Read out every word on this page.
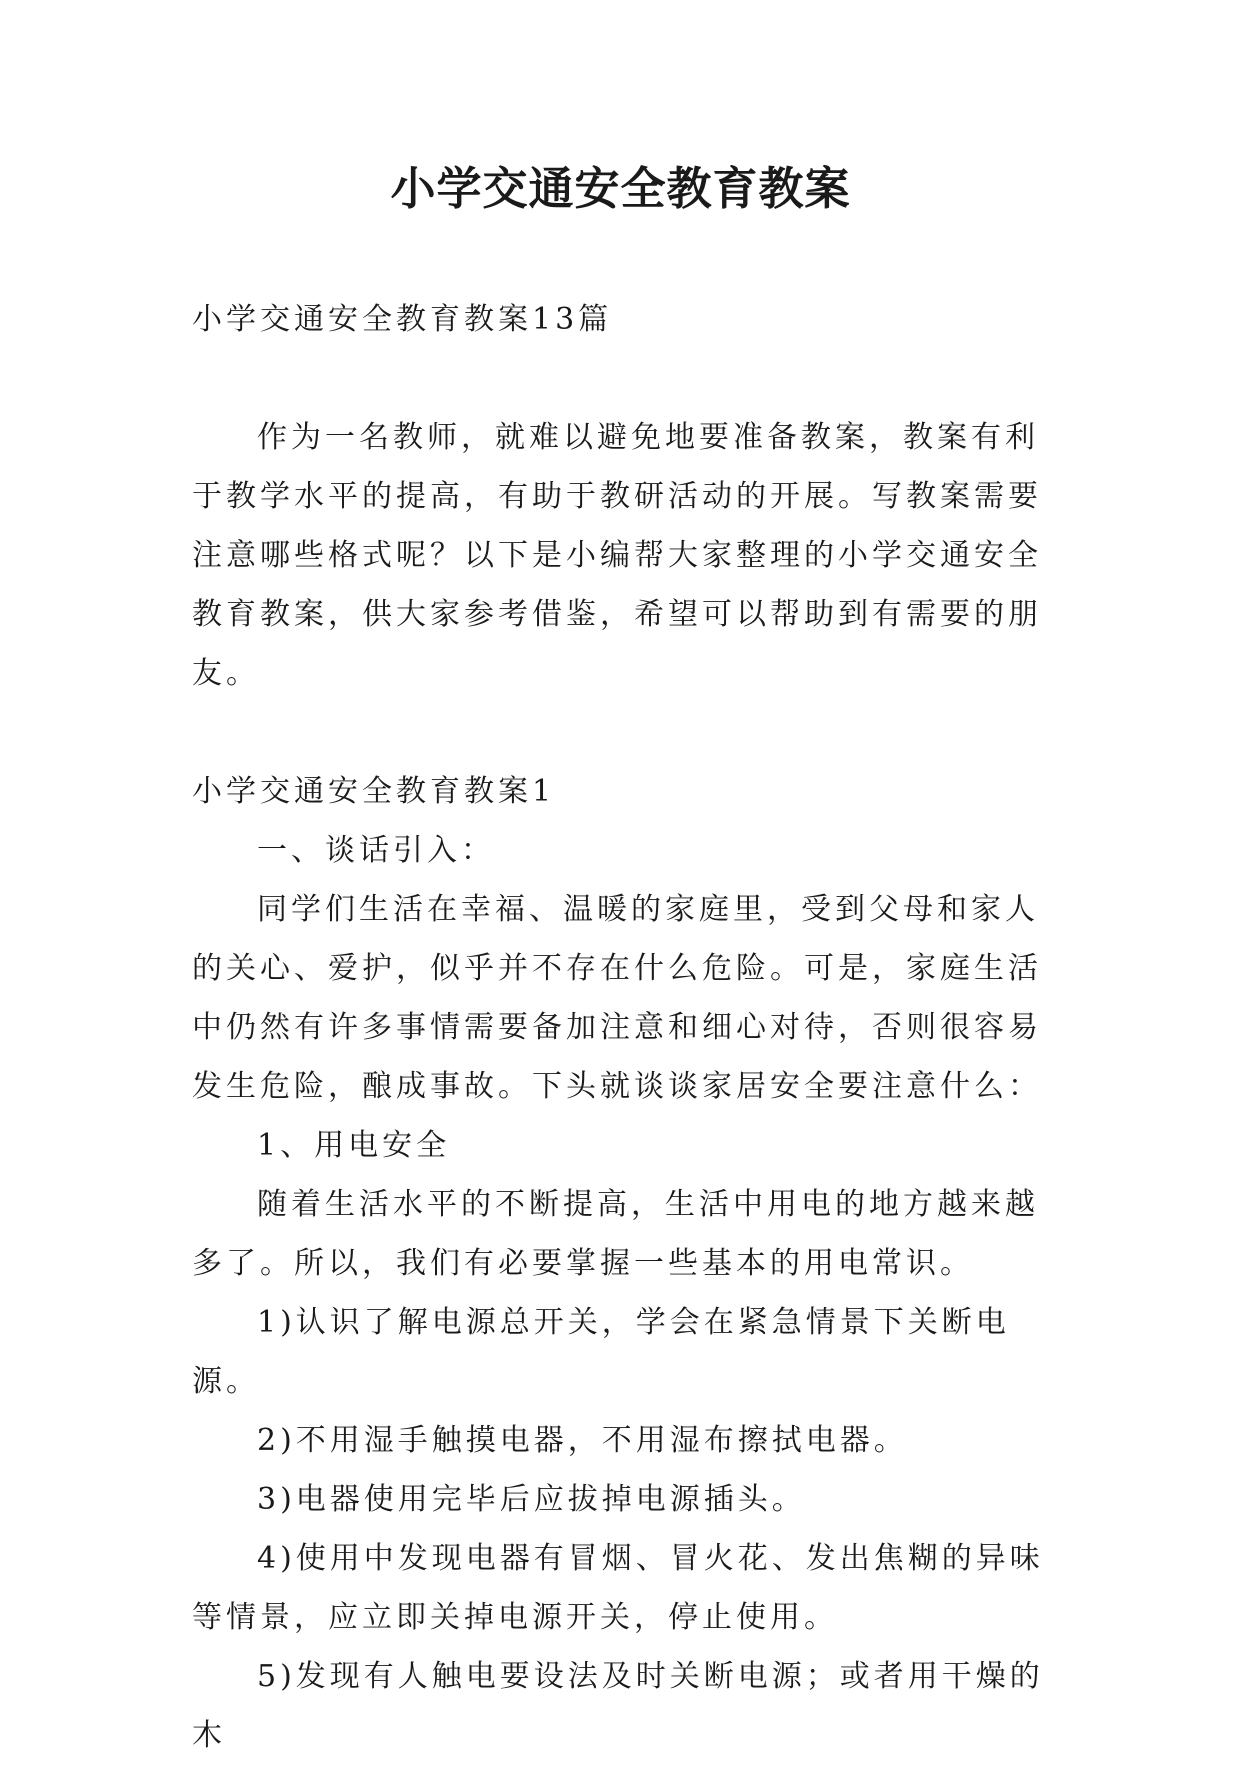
小学交通安全教育教案

小学交通安全教育教案13篇

作为一名教师，就难以避免地要准备教案，教案有利于教学水平的提高，有助于教研活动的开展。写教案需要注意哪些格式呢？以下是小编帮大家整理的小学交通安全教育教案，供大家参考借鉴，希望可以帮助到有需要的朋友。

小学交通安全教育教案1

一、谈话引入：

同学们生活在幸福、温暖的家庭里，受到父母和家人的关心、爱护，似乎并不存在什么危险。可是，家庭生活中仍然有许多事情需要备加注意和细心对待，否则很容易发生危险，酿成事故。下头就谈谈家居安全要注意什么：

1、用电安全

随着生活水平的不断提高，生活中用电的地方越来越多了。所以，我们有必要掌握一些基本的用电常识。

1)认识了解电源总开关，学会在紧急情景下关断电源。

2)不用湿手触摸电器，不用湿布擦拭电器。

3)电器使用完毕后应拔掉电源插头。

4)使用中发现电器有冒烟、冒火花、发出焦糊的异味等情景，应立即关掉电源开关，停止使用。

5)发现有人触电要设法及时关断电源；或者用干燥的木
